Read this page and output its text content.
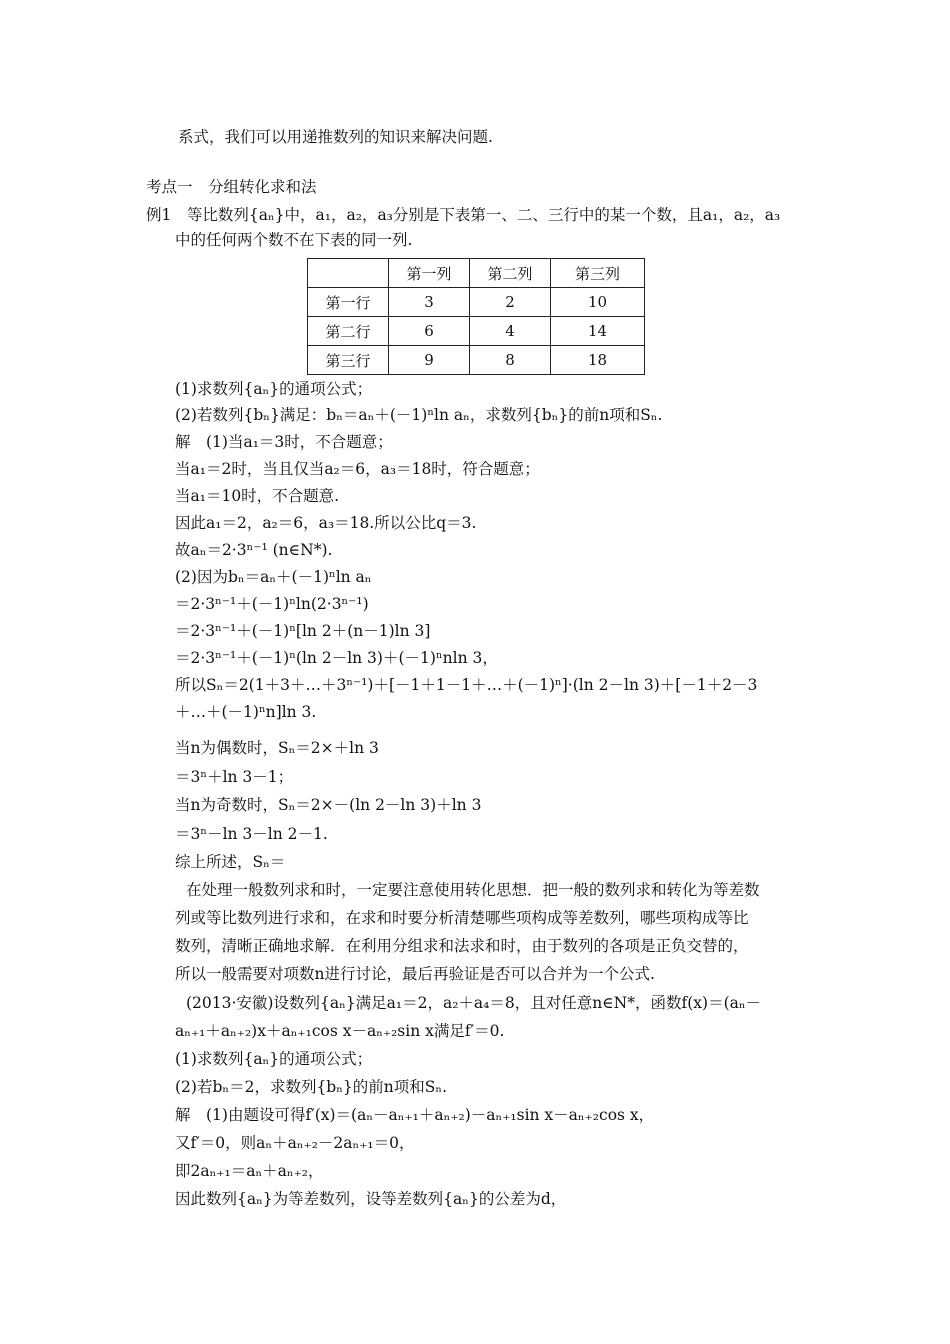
系式，我们可以用递推数列的知识来解决问题.
考点一　分组转化求和法
例1　等比数列{aₙ}中，a₁，a₂，a₃分别是下表第一、二、三行中的某一个数，且a₁，a₂，a₃
中的任何两个数不在下表的同一列.
	第一列	第二列	第三列
第一行	3	2	10
第二行	6	4	14
第三行	9	8	18
(1)求数列{aₙ}的通项公式；
(2)若数列{bₙ}满足：bₙ＝aₙ＋(－1)ⁿln aₙ，求数列{bₙ}的前n项和Sₙ.
解　(1)当a₁＝3时，不合题意；
当a₁＝2时，当且仅当a₂＝6，a₃＝18时，符合题意；
当a₁＝10时，不合题意.
因此a₁＝2，a₂＝6，a₃＝18.所以公比q＝3.
故aₙ＝2·3ⁿ⁻¹ (n∈N*).
(2)因为bₙ＝aₙ＋(－1)ⁿln aₙ
＝2·3ⁿ⁻¹＋(－1)ⁿln(2·3ⁿ⁻¹)
＝2·3ⁿ⁻¹＋(－1)ⁿ[ln 2＋(n－1)ln 3]
＝2·3ⁿ⁻¹＋(－1)ⁿ(ln 2－ln 3)＋(－1)ⁿnln 3，
所以Sₙ＝2(1＋3＋…＋3ⁿ⁻¹)＋[－1＋1－1＋…＋(－1)ⁿ]·(ln 2－ln 3)＋[－1＋2－3
＋…＋(－1)ⁿn]ln 3.
当n为偶数时，Sₙ＝2×＋ln 3
＝3ⁿ＋ln 3－1；
当n为奇数时，Sₙ＝2×－(ln 2－ln 3)＋ln 3
＝3ⁿ－ln 3－ln 2－1.
综上所述，Sₙ＝
在处理一般数列求和时，一定要注意使用转化思想．把一般的数列求和转化为等差数
列或等比数列进行求和，在求和时要分析清楚哪些项构成等差数列，哪些项构成等比
数列，清晰正确地求解．在利用分组求和法求和时，由于数列的各项是正负交替的，
所以一般需要对项数n进行讨论，最后再验证是否可以合并为一个公式.
(2013·安徽)设数列{aₙ}满足a₁＝2，a₂＋a₄＝8，且对任意n∈N*，函数f(x)＝(aₙ－
aₙ₊₁＋aₙ₊₂)x＋aₙ₊₁cos x－aₙ₊₂sin x满足f′＝0.
(1)求数列{aₙ}的通项公式；
(2)若bₙ＝2，求数列{bₙ}的前n项和Sₙ.
解　(1)由题设可得f′(x)＝(aₙ－aₙ₊₁＋aₙ₊₂)－aₙ₊₁sin x－aₙ₊₂cos x，
又f′＝0，则aₙ＋aₙ₊₂－2aₙ₊₁＝0，
即2aₙ₊₁＝aₙ＋aₙ₊₂，
因此数列{aₙ}为等差数列，设等差数列{aₙ}的公差为d，
